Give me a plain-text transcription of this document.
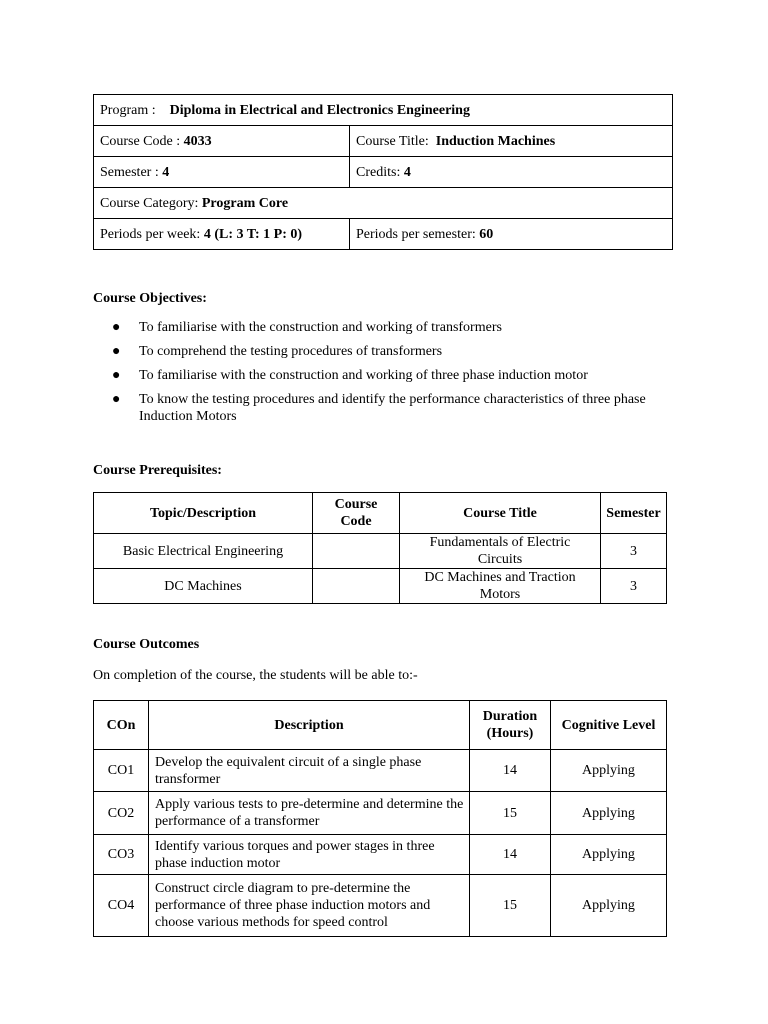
Program : Diploma in Electrical and Electronics Engineering	
Course Code : 4033	Course Title: Induction Machines
Semester : 4	Credits: 4
Course Category: Program Core	
Periods per week: 4 (L: 3 T: 1 P: 0)	Periods per semester: 60

Course Objectives:

● To familiarise with the construction and working of transformers
● To comprehend the testing procedures of transformers
● To familiarise with the construction and working of three phase induction motor
● To know the testing procedures and identify the performance characteristics of three phase Induction Motors

Course Prerequisites:

Topic/Description	Course Code	Course Title	Semester
Basic Electrical Engineering		Fundamentals of Electric Circuits	3
DC Machines		DC Machines and Traction Motors	3

Course Outcomes

On completion of the course, the students will be able to:-

COn	Description	Duration (Hours)	Cognitive Level
CO1	Develop the equivalent circuit of a single phase transformer	14	Applying
CO2	Apply various tests to pre-determine and determine the performance of a transformer	15	Applying
CO3	Identify various torques and power stages in three phase induction motor	14	Applying
CO4	Construct circle diagram to pre-determine the performance of three phase induction motors and choose various methods for speed control	15	Applying
